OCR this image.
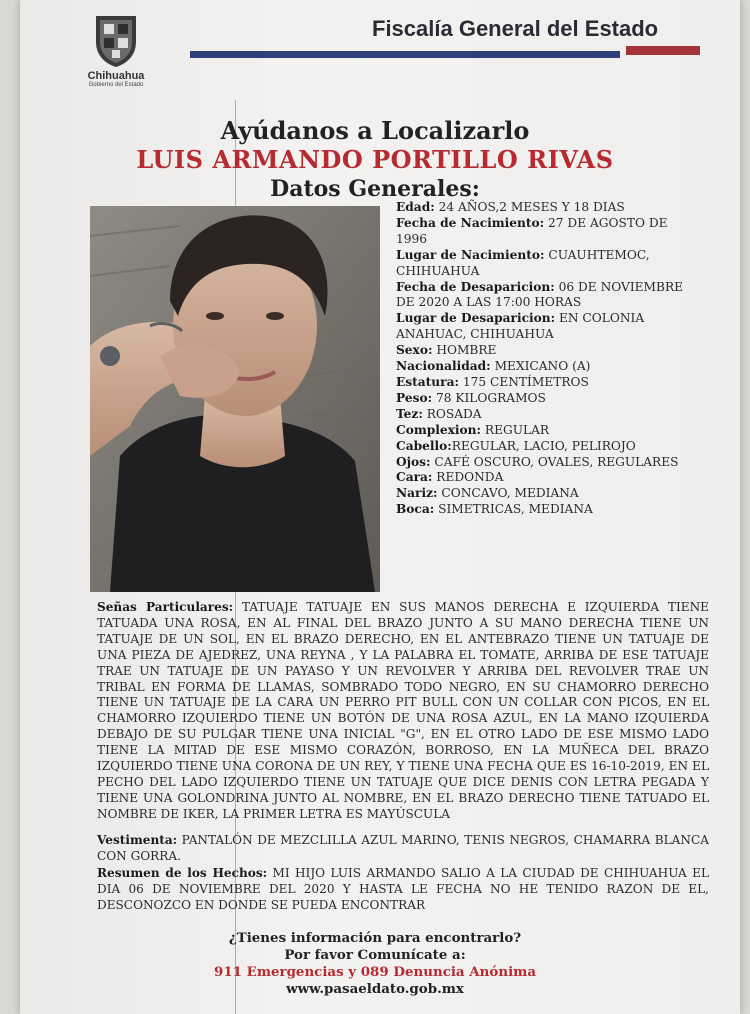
Chihuahua
Gobierno del Estado
Fiscalía General del Estado
Ayúdanos a Localizarlo
LUIS ARMANDO PORTILLO RIVAS
Datos Generales:
Edad: 24 AÑOS,2 MESES Y 18 DIAS
Fecha de Nacimiento: 27 DE AGOSTO DE 1996
Lugar de Nacimiento: CUAUHTEMOC, CHIHUAHUA
Fecha de Desaparicion: 06 DE NOVIEMBRE DE 2020 A LAS 17:00 HORAS
Lugar de Desaparicion: EN COLONIA ANAHUAC, CHIHUAHUA
Sexo: HOMBRE
Nacionalidad: MEXICANO (A)
Estatura: 175 CENTÍMETROS
Peso: 78 KILOGRAMOS
Tez: ROSADA
Complexion: REGULAR
Cabello:REGULAR, LACIO, PELIROJO
Ojos: CAFÉ OSCURO, OVALES, REGULARES
Cara: REDONDA
Nariz: CONCAVO, MEDIANA
Boca: SIMETRICAS, MEDIANA
Señas Particulares: TATUAJE TATUAJE EN SUS MANOS DERECHA E IZQUIERDA TIENE TATUADA UNA ROSA, EN AL FINAL DEL BRAZO JUNTO A SU MANO DERECHA TIENE UN TATUAJE DE UN SOL, EN EL BRAZO DERECHO, EN EL ANTEBRAZO TIENE UN TATUAJE DE UNA PIEZA DE AJEDREZ, UNA REYNA , Y LA PALABRA EL TOMATE, ARRIBA DE ESE TATUAJE TRAE UN TATUAJE DE UN PAYASO Y UN REVOLVER Y ARRIBA DEL REVOLVER TRAE UN TRIBAL EN FORMA DE LLAMAS, SOMBRADO TODO NEGRO, EN SU CHAMORRO DERECHO TIENE UN TATUAJE DE LA CARA UN PERRO PIT BULL CON UN COLLAR CON PICOS, EN EL CHAMORRO IZQUIERDO TIENE UN BOTÓN DE UNA ROSA AZUL, EN LA MANO IZQUIERDA DEBAJO DE SU PULGAR TIENE UNA INICIAL "G", EN EL OTRO LADO DE ESE MISMO LADO TIENE LA MITAD DE ESE MISMO CORAZÓN, BORROSO, EN LA MUÑECA DEL BRAZO IZQUIERDO TIENE UNA CORONA DE UN REY, Y TIENE UNA FECHA QUE ES 16-10-2019, EN EL PECHO DEL LADO IZQUIERDO TIENE UN TATUAJE QUE DICE DENIS CON LETRA PEGADA Y TIENE UNA GOLONDRINA JUNTO AL NOMBRE, EN EL BRAZO DERECHO TIENE TATUADO EL NOMBRE DE IKER, LA PRIMER LETRA ES MAYÚSCULA
Vestimenta: PANTALÓN DE MEZCLILLA AZUL MARINO, TENIS NEGROS, CHAMARRA BLANCA CON GORRA.
Resumen de los Hechos: MI HIJO LUIS ARMANDO SALIO A LA CIUDAD DE CHIHUAHUA EL DIA 06 DE NOVIEMBRE DEL 2020 Y HASTA LE FECHA NO HE TENIDO RAZON DE EL, DESCONOZCO EN DONDE SE PUEDA ENCONTRAR
¿Tienes información para encontrarlo?
Por favor Comunícate a:
911 Emergencias y 089 Denuncia Anónima
www.pasaeldato.gob.mx
